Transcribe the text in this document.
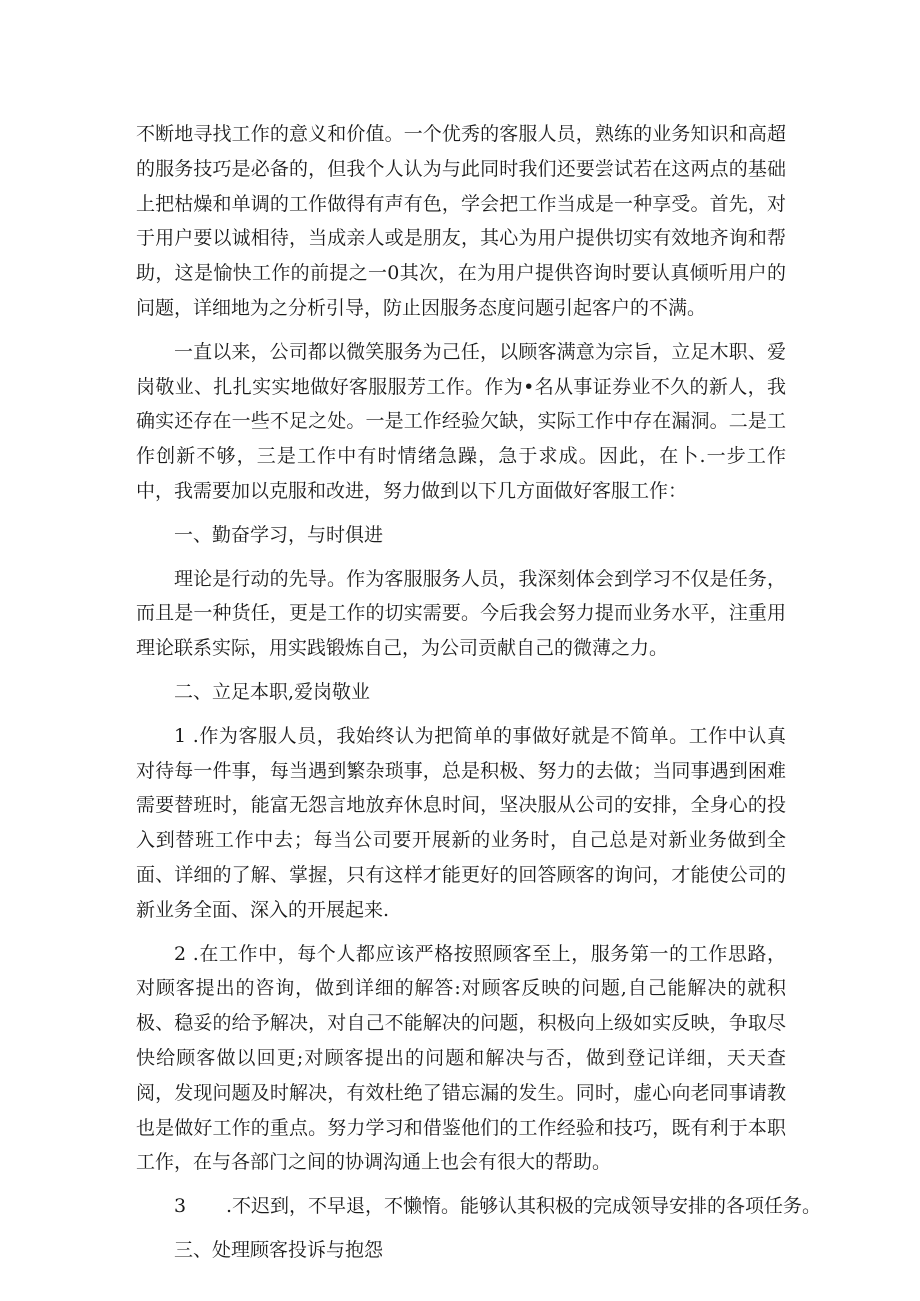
不断地寻找工作的意义和价值。一个优秀的客服人员，熟练的业务知识和高超的服务技巧是必备的，但我个人认为与此同时我们还要尝试若在这两点的基础上把枯燥和单调的工作做得有声有色，学会把工作当成是一种享受。首先，对于用户要以诚相待，当成亲人或是朋友，其心为用户提供切实有效地齐询和帮助，这是愉快工作的前提之一0其次，在为用户提供咨询时要认真倾听用户的问题，详细地为之分析引导，防止因服务态度问题引起客户的不满。

一直以来，公司都以微笑服务为己任，以顾客满意为宗旨，立足木职、爱岗敬业、扎扎实实地做好客服服芳工作。作为•名从事证券业不久的新人，我确实还存在一些不足之处。一是工作经验欠缺，实际工作中存在漏洞。二是工作创新不够，三是工作中有时情绪急躁，急于求成。因此，在卜.一步工作中，我需要加以克服和改进，努力做到以下几方面做好客服工作：

一、勤奋学习，与时俱进

理论是行动的先导。作为客服服务人员，我深刻体会到学习不仅是任务，而且是一种货任，更是工作的切实需要。今后我会努力提而业务水平，注重用理论联系实际，用实践锻炼自己，为公司贡献自己的微薄之力。

二、立足本职,爱岗敬业

1 .作为客服人员，我始终认为把简单的事做好就是不简单。工作中认真对待每一件事，每当遇到繁杂琐事，总是积极、努力的去做；当同事遇到困难需要替班时，能富无怨言地放弃休息时间，坚决服从公司的安排，全身心的投入到替班工作中去；每当公司要开展新的业务时，自己总是对新业务做到全面、详细的了解、掌握，只有这样才能更好的回答顾客的询问，才能使公司的新业务全面、深入的开展起来.

2 .在工作中，每个人都应该严格按照顾客至上，服务第一的工作思路，对顾客提出的咨询，做到详细的解答:对顾客反映的问题,自己能解决的就积极、稳妥的给予解决，对自己不能解决的问题，积极向上级如实反映，争取尽快给顾客做以回更;对顾客提出的问题和解决与否，做到登记详细，天天查阅，发现问题及时解决，有效杜绝了错忘漏的发生。同时，虚心向老同事请教也是做好工作的重点。努力学习和借鉴他们的工作经验和技巧，既有利于本职工作，在与各部门之间的协调沟通上也会有很大的帮助。

3 .不迟到，不早退，不懒惰。能够认其积极的完成领导安排的各项任务。

三、处理顾客投诉与抱怨
